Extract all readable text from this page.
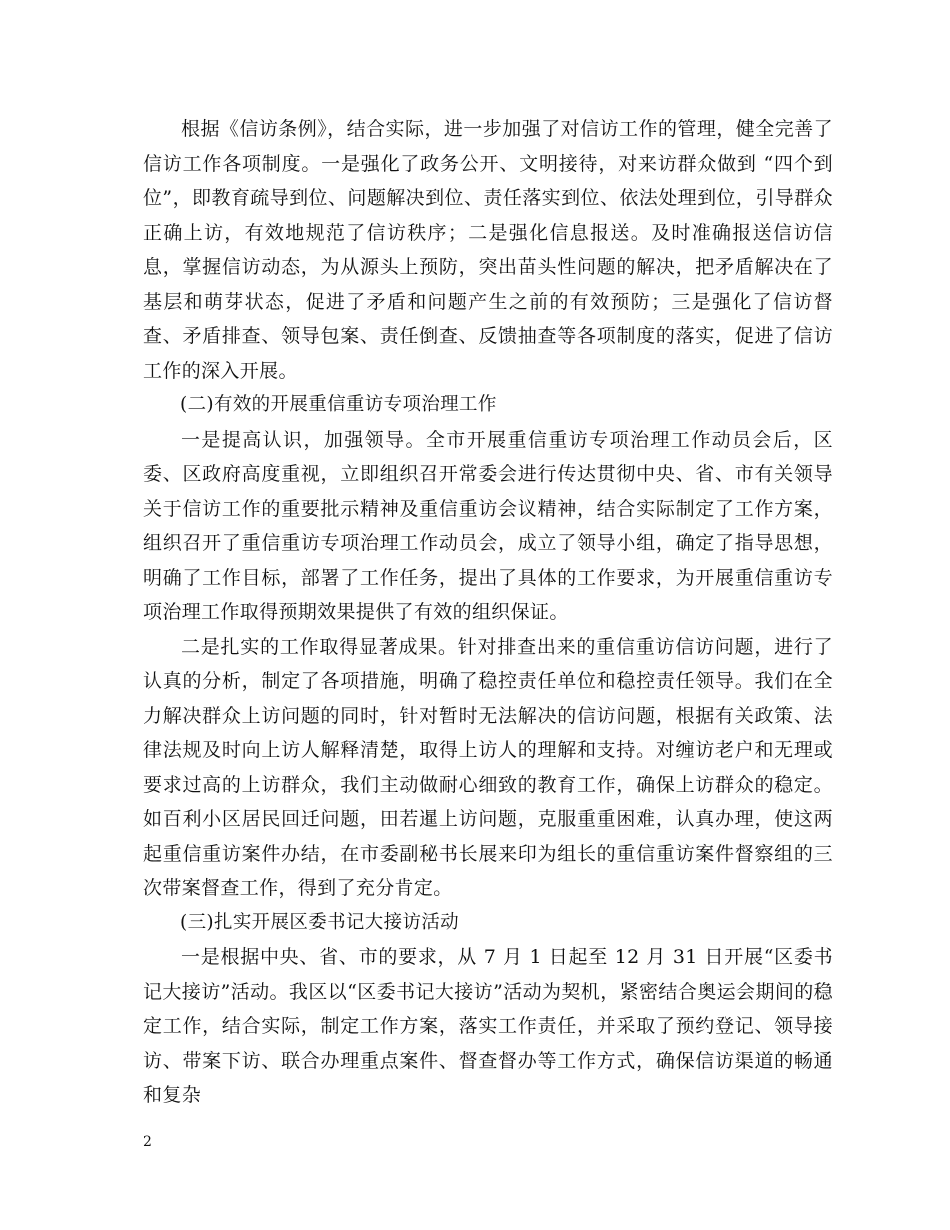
根据《信访条例》，结合实际，进一步加强了对信访工作的管理，健全完善了信访工作各项制度。一是强化了政务公开、文明接待，对来访群众做到 “四个到位”，即教育疏导到位、问题解决到位、责任落实到位、依法处理到位，引导群众正确上访，有效地规范了信访秩序；二是强化信息报送。及时准确报送信访信息，掌握信访动态，为从源头上预防，突出苗头性问题的解决，把矛盾解决在了基层和萌芽状态，促进了矛盾和问题产生之前的有效预防；三是强化了信访督查、矛盾排查、领导包案、责任倒查、反馈抽查等各项制度的落实，促进了信访工作的深入开展。

(二)有效的开展重信重访专项治理工作

一是提高认识，加强领导。全市开展重信重访专项治理工作动员会后，区委、区政府高度重视，立即组织召开常委会进行传达贯彻中央、省、市有关领导关于信访工作的重要批示精神及重信重访会议精神，结合实际制定了工作方案，组织召开了重信重访专项治理工作动员会，成立了领导小组，确定了指导思想，明确了工作目标，部署了工作任务，提出了具体的工作要求，为开展重信重访专项治理工作取得预期效果提供了有效的组织保证。

二是扎实的工作取得显著成果。针对排查出来的重信重访信访问题，进行了认真的分析，制定了各项措施，明确了稳控责任单位和稳控责任领导。我们在全力解决群众上访问题的同时，针对暂时无法解决的信访问题，根据有关政策、法律法规及时向上访人解释清楚，取得上访人的理解和支持。对缠访老户和无理或要求过高的上访群众，我们主动做耐心细致的教育工作，确保上访群众的稳定。如百利小区居民回迁问题，田若暹上访问题，克服重重困难，认真办理，使这两起重信重访案件办结，在市委副秘书长展来印为组长的重信重访案件督察组的三次带案督查工作，得到了充分肯定。

(三)扎实开展区委书记大接访活动

一是根据中央、省、市的要求，从 7 月 1 日起至 12 月 31 日开展“区委书记大接访”活动。我区以“区委书记大接访”活动为契机，紧密结合奥运会期间的稳定工作，结合实际，制定工作方案，落实工作责任，并采取了预约登记、领导接访、带案下访、联合办理重点案件、督查督办等工作方式，确保信访渠道的畅通和复杂

2
